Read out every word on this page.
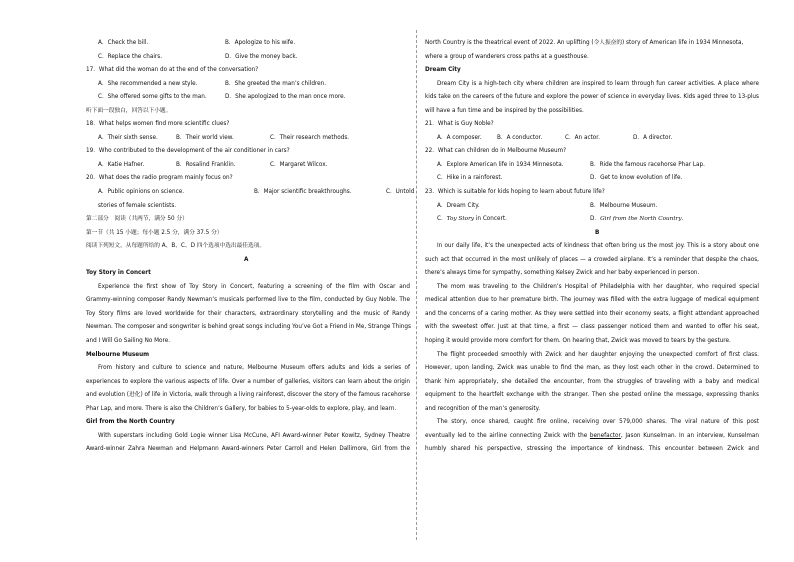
A．Check the bill.	B．Apologize to his wife.
C．Replace the chairs.	D．Give the money back.
17．What did the woman do at the end of the conversation?
A．She recommended a new style.	B．She greeted the man’s children.
C．She offered some gifts to the man.	D．She apologized to the man once more.
听下面一段独白，回答以下小题。
18．What helps women find more scientific clues?
A．Their sixth sense.	B．Their world view.	C．Their research methods.
19．Who contributed to the development of the air conditioner in cars?
A．Katie Hafner.	B．Rosalind Franklin.	C．Margaret Wilcox.
20．What does the radio program mainly focus on?
A．Public opinions on science.	B．Major scientific breakthroughs.	C．Untold
stories of female scientists.
第二部分　阅读（共两节，满分 50 分）
第一节（共 15 小题；每小题 2.5 分，满分 37.5 分）
阅读下列短文，从每题所给的 A、B、C、D 四个选项中选出最佳选项。
A
Toy Story in Concert
Experience the first show of Toy Story in Concert, featuring a screening of the film with Oscar and
Grammy-winning composer Randy Newman’s musicals performed live to the film, conducted by Guy Noble. The
Toy Story films are loved worldwide for their characters, extraordinary storytelling and the music of Randy
Newman. The composer and songwriter is behind great songs including You’ve Got a Friend in Me, Strange Things
and I Will Go Sailing No More.
Melbourne Museum
From history and culture to science and nature, Melbourne Museum offers adults and kids a series of
experiences to explore the various aspects of life. Over a number of galleries, visitors can learn about the origin
and evolution (进化) of life in Victoria, walk through a living rainforest, discover the story of the famous racehorse
Phar Lap, and more. There is also the Children’s Gallery, for babies to 5-year-olds to explore, play, and learn.
Girl from the North Country
With superstars including Gold Logie winner Lisa McCune, AFI Award-winner Peter Kowitz, Sydney Theatre
Award-winner Zahra Newman and Helpmann Award-winners Peter Carroll and Helen Dallimore, Girl from the
North Country is the theatrical event of 2022. An uplifting (令人振奋的) story of American life in 1934 Minnesota,
where a group of wanderers cross paths at a guesthouse.
Dream City
Dream City is a high-tech city where children are inspired to learn through fun career activities. A place where
kids take on the careers of the future and explore the power of science in everyday lives. Kids aged three to 13-plus
will have a fun time and be inspired by the possibilities.
21．What is Guy Noble?
A．A composer.	B．A conductor.	C．An actor.	D．A director.
22．What can children do in Melbourne Museum?
A．Explore American life in 1934 Minnesota.	B．Ride the famous racehorse Phar Lap.
C．Hike in a rainforest.	D．Get to know evolution of life.
23．Which is suitable for kids hoping to learn about future life?
A．Dream City.	B．Melbourne Museum.
C．Toy Story in Concert.	D．Girl from the North Country.
B
In our daily life, it’s the unexpected acts of kindness that often bring us the most joy. This is a story about one
such act that occurred in the most unlikely of places — a crowded airplane. It’s a reminder that despite the chaos,
there’s always time for sympathy, something Kelsey Zwick and her baby experienced in person.
The mom was traveling to the Children’s Hospital of Philadelphia with her daughter, who required special
medical attention due to her premature birth. The journey was filled with the extra luggage of medical equipment
and the concerns of a caring mother. As they were settled into their economy seats, a flight attendant approached
with the sweetest offer. Just at that time, a first — class passenger noticed them and wanted to offer his seat,
hoping it would provide more comfort for them. On hearing that, Zwick was moved to tears by the gesture.
The flight proceeded smoothly with Zwick and her daughter enjoying the unexpected comfort of first class.
However, upon landing, Zwick was unable to find the man, as they lost each other in the crowd. Determined to
thank him appropriately, she detailed the encounter, from the struggles of traveling with a baby and medical
equipment to the heartfelt exchange with the stranger. Then she posted online the message, expressing thanks
and recognition of the man’s generosity.
The story, once shared, caught fire online, receiving over 579,000 shares. The viral nature of this post
eventually led to the airline connecting Zwick with the benefactor, Jason Kunselman. In an interview, Kunselman
humbly shared his perspective, stressing the importance of kindness. This encounter between Zwick and
